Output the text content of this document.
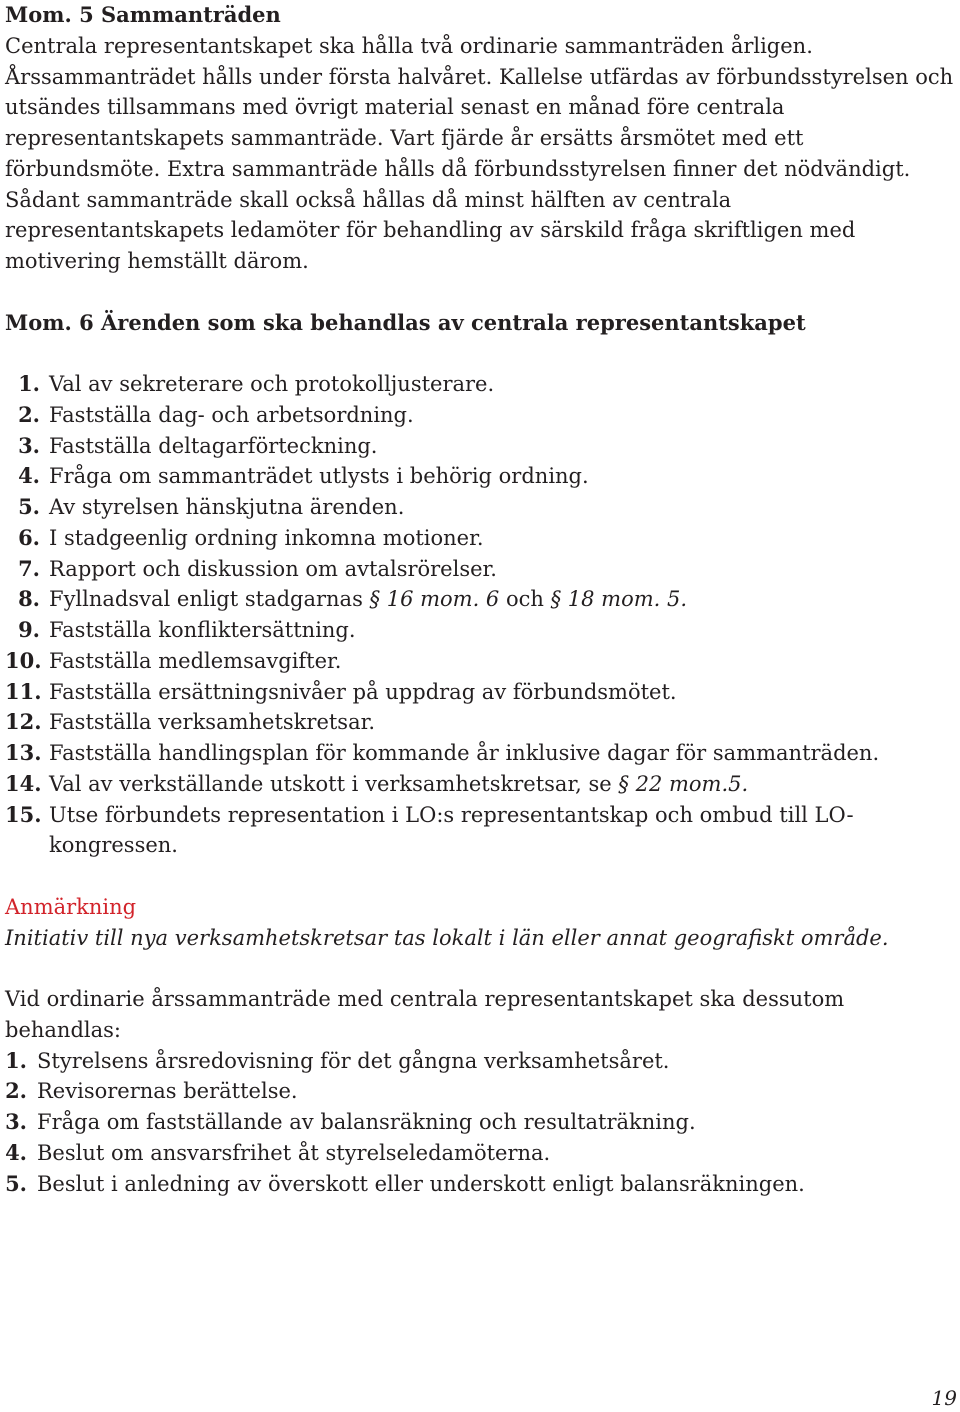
Mom. 5 Sammanträden

Centrala representantskapet ska hålla två ordinarie sammanträden årligen. Årssammanträdet hålls under första halvåret. Kallelse utfärdas av förbundsstyrelsen och utsändes tillsammans med övrigt material senast en månad före centrala representantskapets sammanträde. Vart fjärde år ersätts årsmötet med ett förbundsmöte. Extra sammanträde hålls då förbundsstyrelsen finner det nödvändigt. Sådant sammanträde skall också hållas då minst hälften av centrala representantskapets ledamöter för behandling av särskild fråga skriftligen med motivering hemställt därom.

Mom. 6 Ärenden som ska behandlas av centrala representantskapet

1. Val av sekreterare och protokolljusterare.
2. Fastställa dag- och arbetsordning.
3. Fastställa deltagarförteckning.
4. Fråga om sammanträdet utlysts i behörig ordning.
5. Av styrelsen hänskjutna ärenden.
6. I stadgeenlig ordning inkomna motioner.
7. Rapport och diskussion om avtalsrörelser.
8. Fyllnadsval enligt stadgarnas § 16 mom. 6 och § 18 mom. 5.
9. Fastställa konfliktersättning.
10. Fastställa medlemsavgifter.
11. Fastställa ersättningsnivåer på uppdrag av förbundsmötet.
12. Fastställa verksamhetskretsar.
13. Fastställa handlingsplan för kommande år inklusive dagar för sammanträden.
14. Val av verkställande utskott i verksamhetskretsar, se § 22 mom.5.
15. Utse förbundets representation i LO:s representantskap och ombud till LO-kongressen.

Anmärkning

Initiativ till nya verksamhetskretsar tas lokalt i län eller annat geografiskt område.

Vid ordinarie årssammanträde med centrala representantskapet ska dessutom behandlas:

1. Styrelsens årsredovisning för det gångna verksamhetsåret.
2. Revisorernas berättelse.
3. Fråga om fastställande av balansräkning och resultaträkning.
4. Beslut om ansvarsfrihet åt styrelseledamöterna.
5. Beslut i anledning av överskott eller underskott enligt balansräkningen.
19
